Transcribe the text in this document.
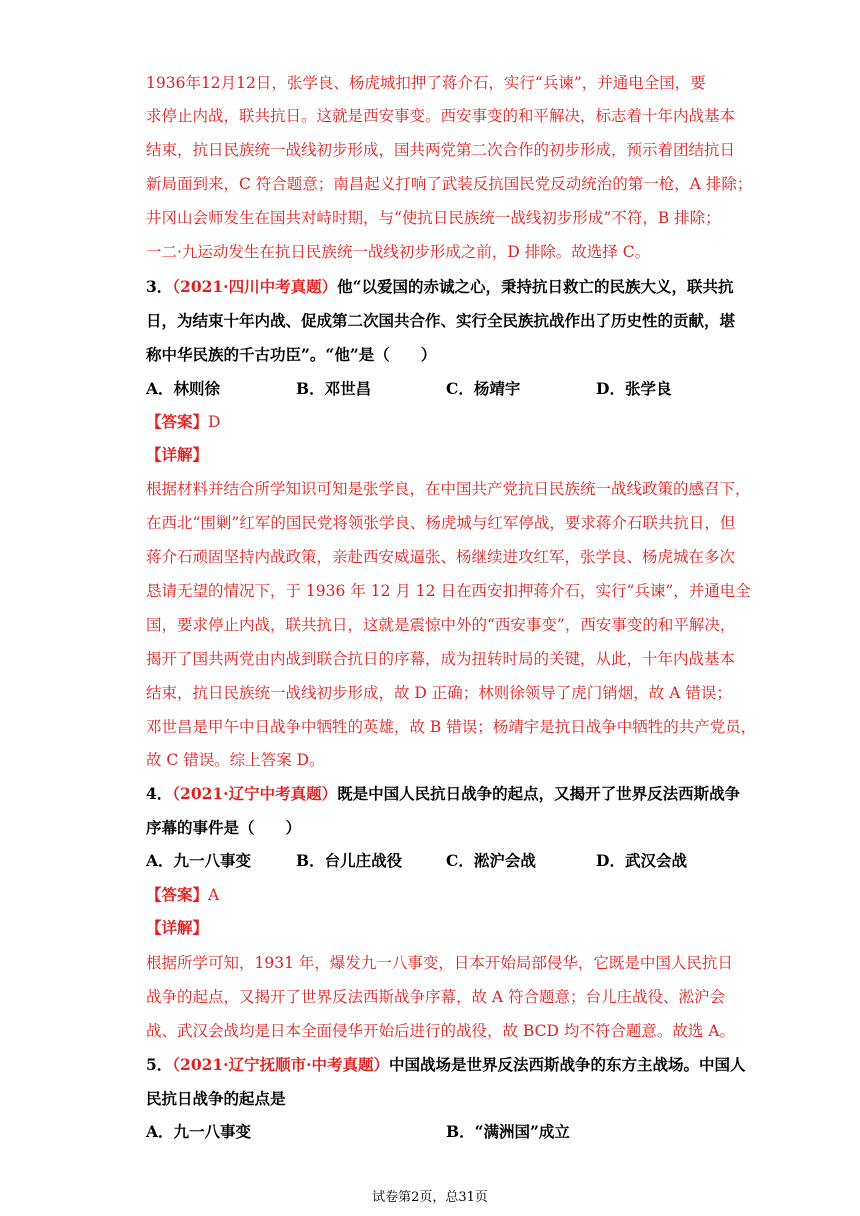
1936年12月12日，张学良、杨虎城扣押了蒋介石，实行“兵谏”，并通电全国，要
求停止内战，联共抗日。这就是西安事变。西安事变的和平解决，标志着十年内战基本
结束，抗日民族统一战线初步形成，国共两党第二次合作的初步形成，预示着团结抗日
新局面到来，C 符合题意；南昌起义打响了武装反抗国民党反动统治的第一枪，A 排除；
井冈山会师发生在国共对峙时期，与“使抗日民族统一战线初步形成”不符，B 排除；
一二·九运动发生在抗日民族统一战线初步形成之前，D 排除。故选择 C。
3．（2021·四川中考真题）他“以爱国的赤诚之心，秉持抗日救亡的民族大义，联共抗
日，为结束十年内战、促成第二次国共合作、实行全民族抗战作出了历史性的贡献，堪
称中华民族的千古功臣”。“他”是（　　）
A．林则徐	B．邓世昌	C．杨靖宇	D．张学良
【答案】D
【详解】
根据材料并结合所学知识可知是张学良，在中国共产党抗日民族统一战线政策的感召下，
在西北“围剿”红军的国民党将领张学良、杨虎城与红军停战，要求蒋介石联共抗日，但
蒋介石顽固坚持内战政策，亲赴西安威逼张、杨继续进攻红军，张学良、杨虎城在多次
恳请无望的情况下，于 1936 年 12 月 12 日在西安扣押蒋介石，实行“兵谏”，并通电全
国，要求停止内战，联共抗日，这就是震惊中外的“西安事变”，西安事变的和平解决，
揭开了国共两党由内战到联合抗日的序幕，成为扭转时局的关键，从此，十年内战基本
结束，抗日民族统一战线初步形成，故 D 正确；林则徐领导了虎门销烟，故 A 错误；
邓世昌是甲午中日战争中牺牲的英雄，故 B 错误；杨靖宇是抗日战争中牺牲的共产党员，
故 C 错误。综上答案 D。
4．（2021·辽宁中考真题）既是中国人民抗日战争的起点，又揭开了世界反法西斯战争
序幕的事件是（　　）
A．九一八事变	B．台儿庄战役	C．淞沪会战	D．武汉会战
【答案】A
【详解】
根据所学可知，1931 年，爆发九一八事变，日本开始局部侵华，它既是中国人民抗日
战争的起点，又揭开了世界反法西斯战争序幕，故 A 符合题意；台儿庄战役、淞沪会
战、武汉会战均是日本全面侵华开始后进行的战役，故 BCD 均不符合题意。故选 A。
5．（2021·辽宁抚顺市·中考真题）中国战场是世界反法西斯战争的东方主战场。中国人
民抗日战争的起点是
A．九一八事变	B．“满洲国”成立
试卷第2页，总31页
